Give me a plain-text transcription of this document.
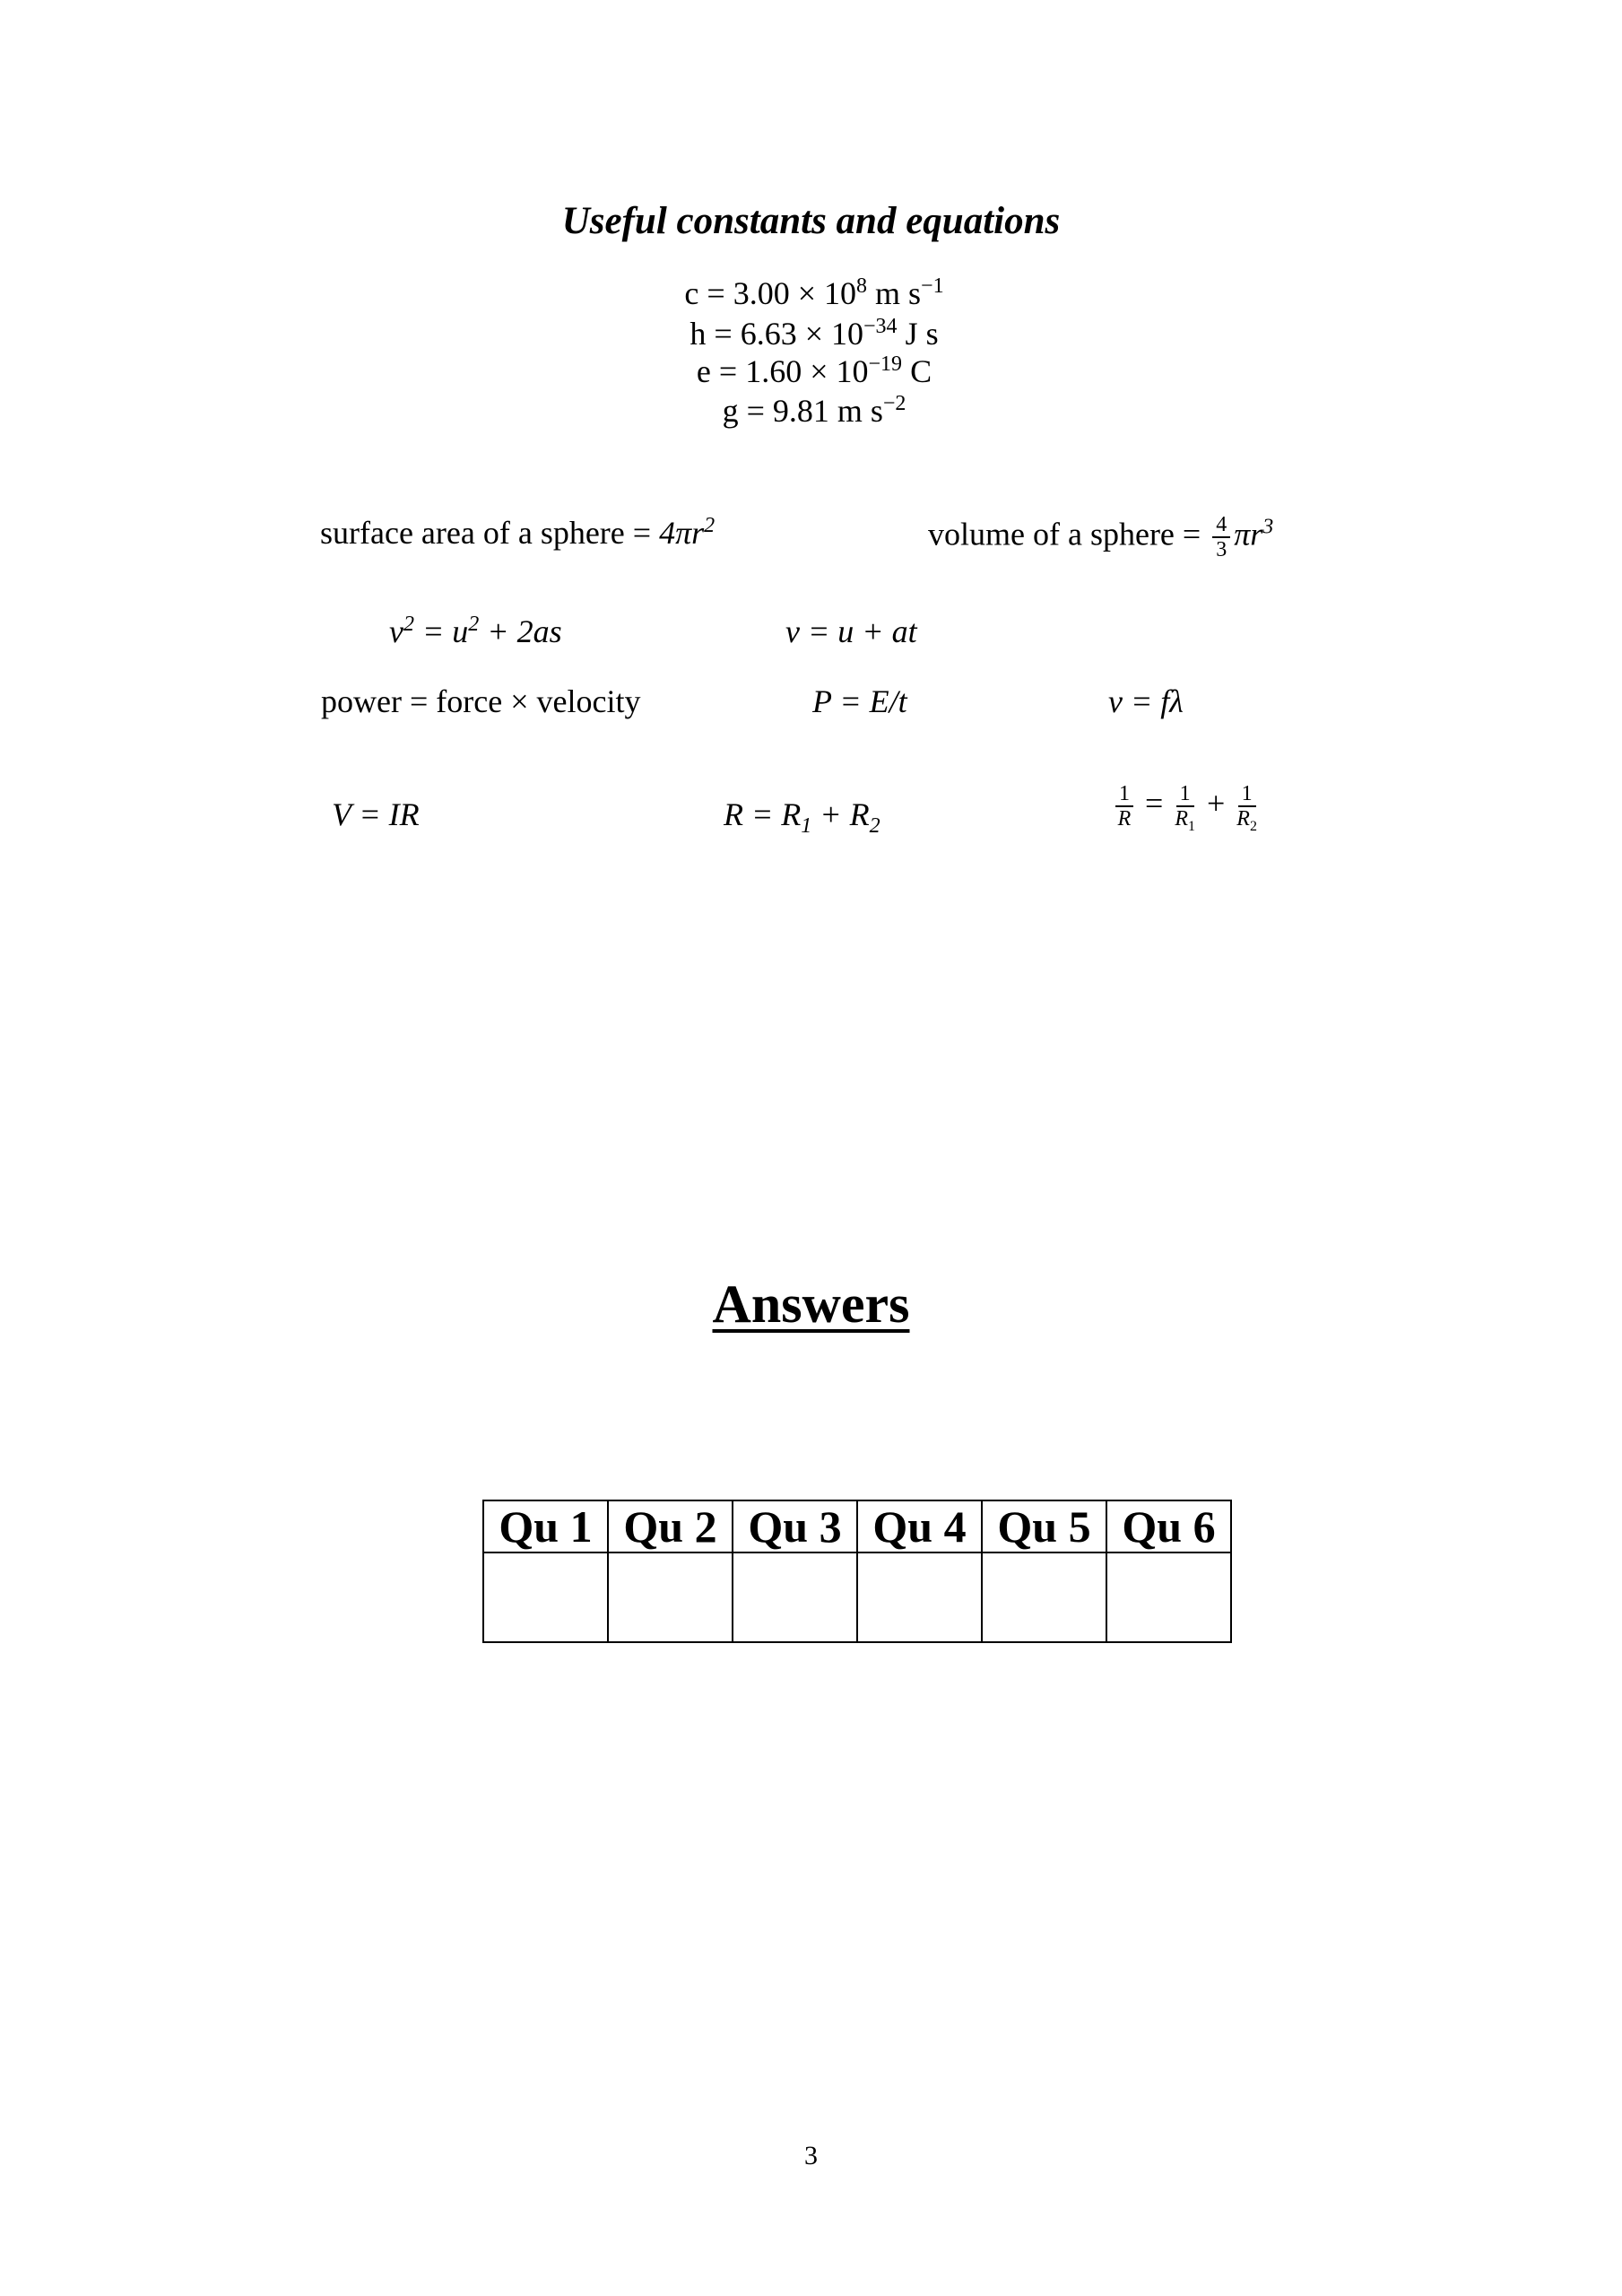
Useful constants and equations
$c = 3.00 \times 10^8$ m $s^{-1}$
$h = 6.63 \times 10^{-34}$ J s
$e = 1.60 \times 10^{-19}$ C
g = 9.81 m $s^{-2}$
surface area of a sphere = $4\pi r^2$	volume of a sphere = $\frac{4}{3} \pi r^3$
$v^2 = u^2 + 2as$	v = u + at
power = force × velocity	P = E/t	v = fλ
V = IR	$R = R_1 + R_2$	$\frac{1}{R} = \frac{1}{R_1} + \frac{1}{R_2}$
Answers
Qu 1	Qu 2	Qu 3	Qu 4	Qu 5	Qu 6

3
